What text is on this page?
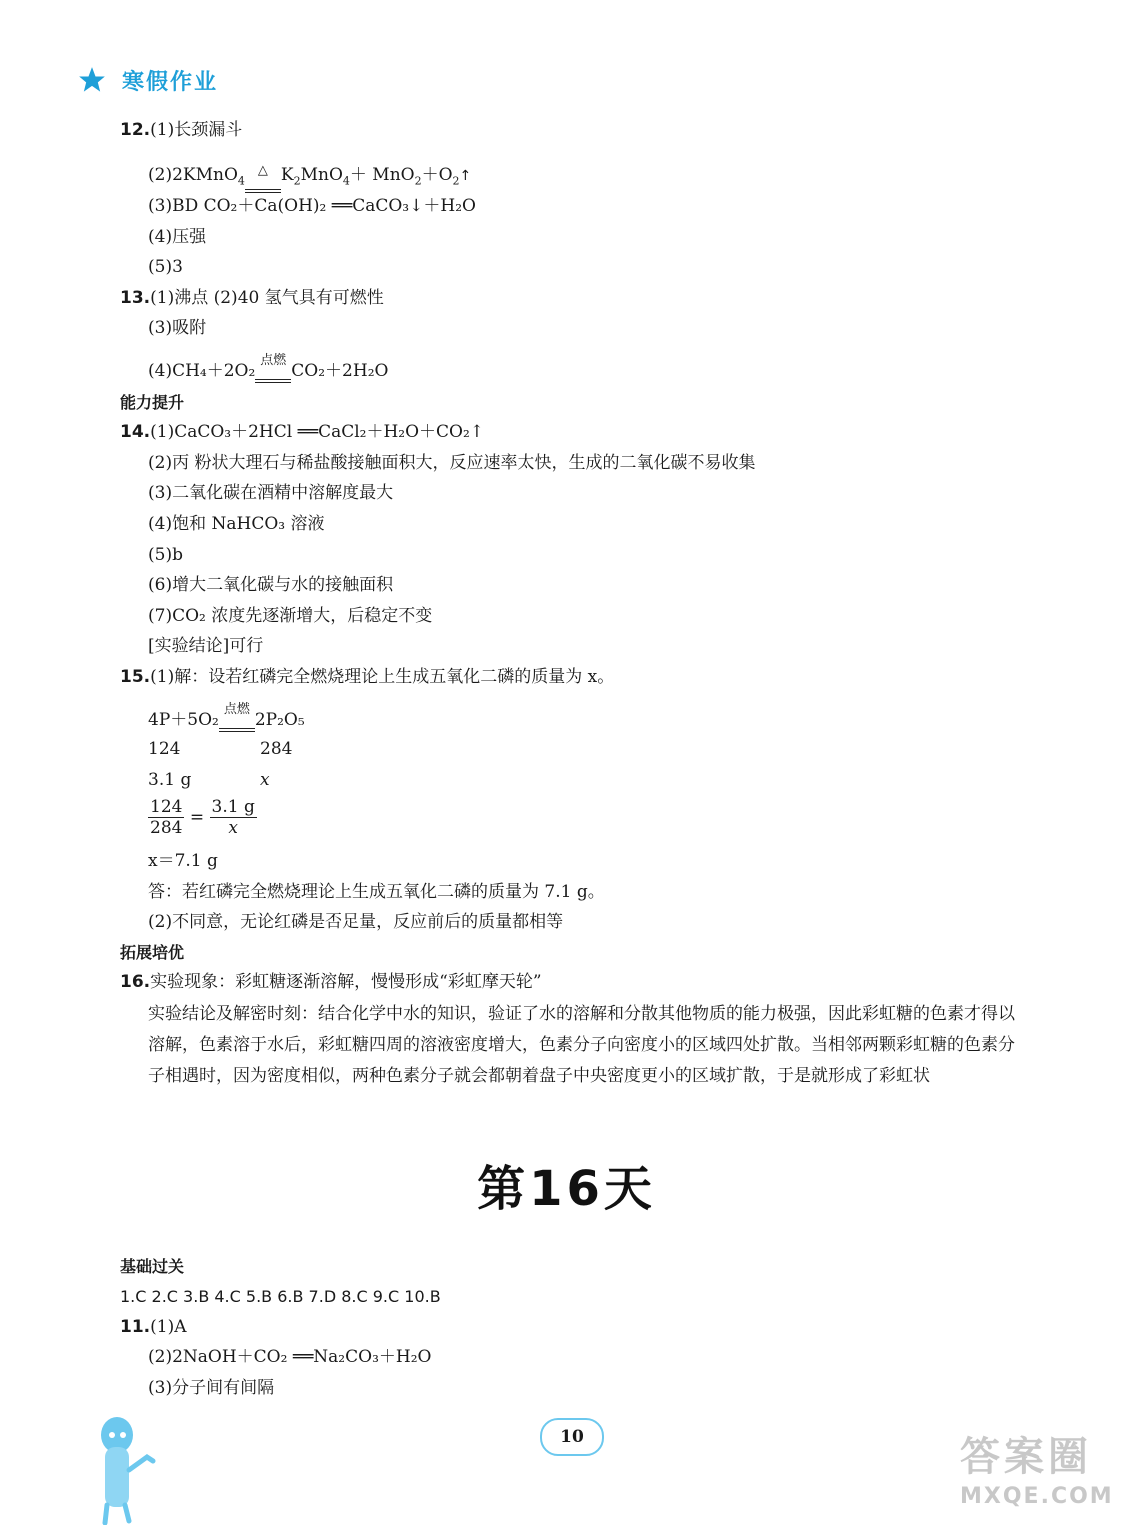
寒假作业
12.(1)长颈漏斗
(2)2KMnO$_4$
△ $K_2MnO_4+$ $MnO_2+O_2↑$
(3)BD CO₂＋Ca(OH)₂ ══CaCO₃↓＋H₂O
(4)压强
(5)3
13.(1)沸点 (2)40 氢气具有可燃性
(3)吸附
(4)CH₄＋2O₂
点燃
CO₂＋2H₂O
能力提升
14.(1)CaCO₃＋2HCl ══CaCl₂＋H₂O＋CO₂↑
(2)丙 粉状大理石与稀盐酸接触面积大，反应速率太快，生成的二氧化碳不易收集
(3)二氧化碳在酒精中溶解度最大
(4)饱和 NaHCO₃ 溶液
(5)b
(6)增大二氧化碳与水的接触面积
(7)CO₂ 浓度先逐渐增大，后稳定不变
[实验结论]可行
15.(1)解：设若红磷完全燃烧理论上生成五氧化二磷的质量为 x。
4P＋5O₂
点燃
2P₂O₅
124	284
3.1 g	x
$\frac{124}{284} = \frac{3.1 g}{x}$
x＝7.1 g
答：若红磷完全燃烧理论上生成五氧化二磷的质量为 7.1 g。
(2)不同意，无论红磷是否足量，反应前后的质量都相等
拓展培优
16.实验现象：彩虹糖逐渐溶解，慢慢形成“彩虹摩天轮”
实验结论及解密时刻：结合化学中水的知识，验证了水的溶解和分散其他物质的能力极强，因此彩虹糖的色素才得以溶解，色素溶于水后，彩虹糖四周的溶液密度增大，色素分子向密度小的区域四处扩散。当相邻两颗彩虹糖的色素分子相遇时，因为密度相似，两种色素分子就会都朝着盘子中央密度更小的区域扩散，于是就形成了彩虹状
基础过关
1.C 2.C 3.B 4.C 5.B 6.B 7.D 8.C 9.C 10.B
11.(1)A
(2)2NaOH＋CO₂ ══Na₂CO₃＋H₂O
(3)分子间有间隔
第16天
10	答案圈
MXQE.COM
